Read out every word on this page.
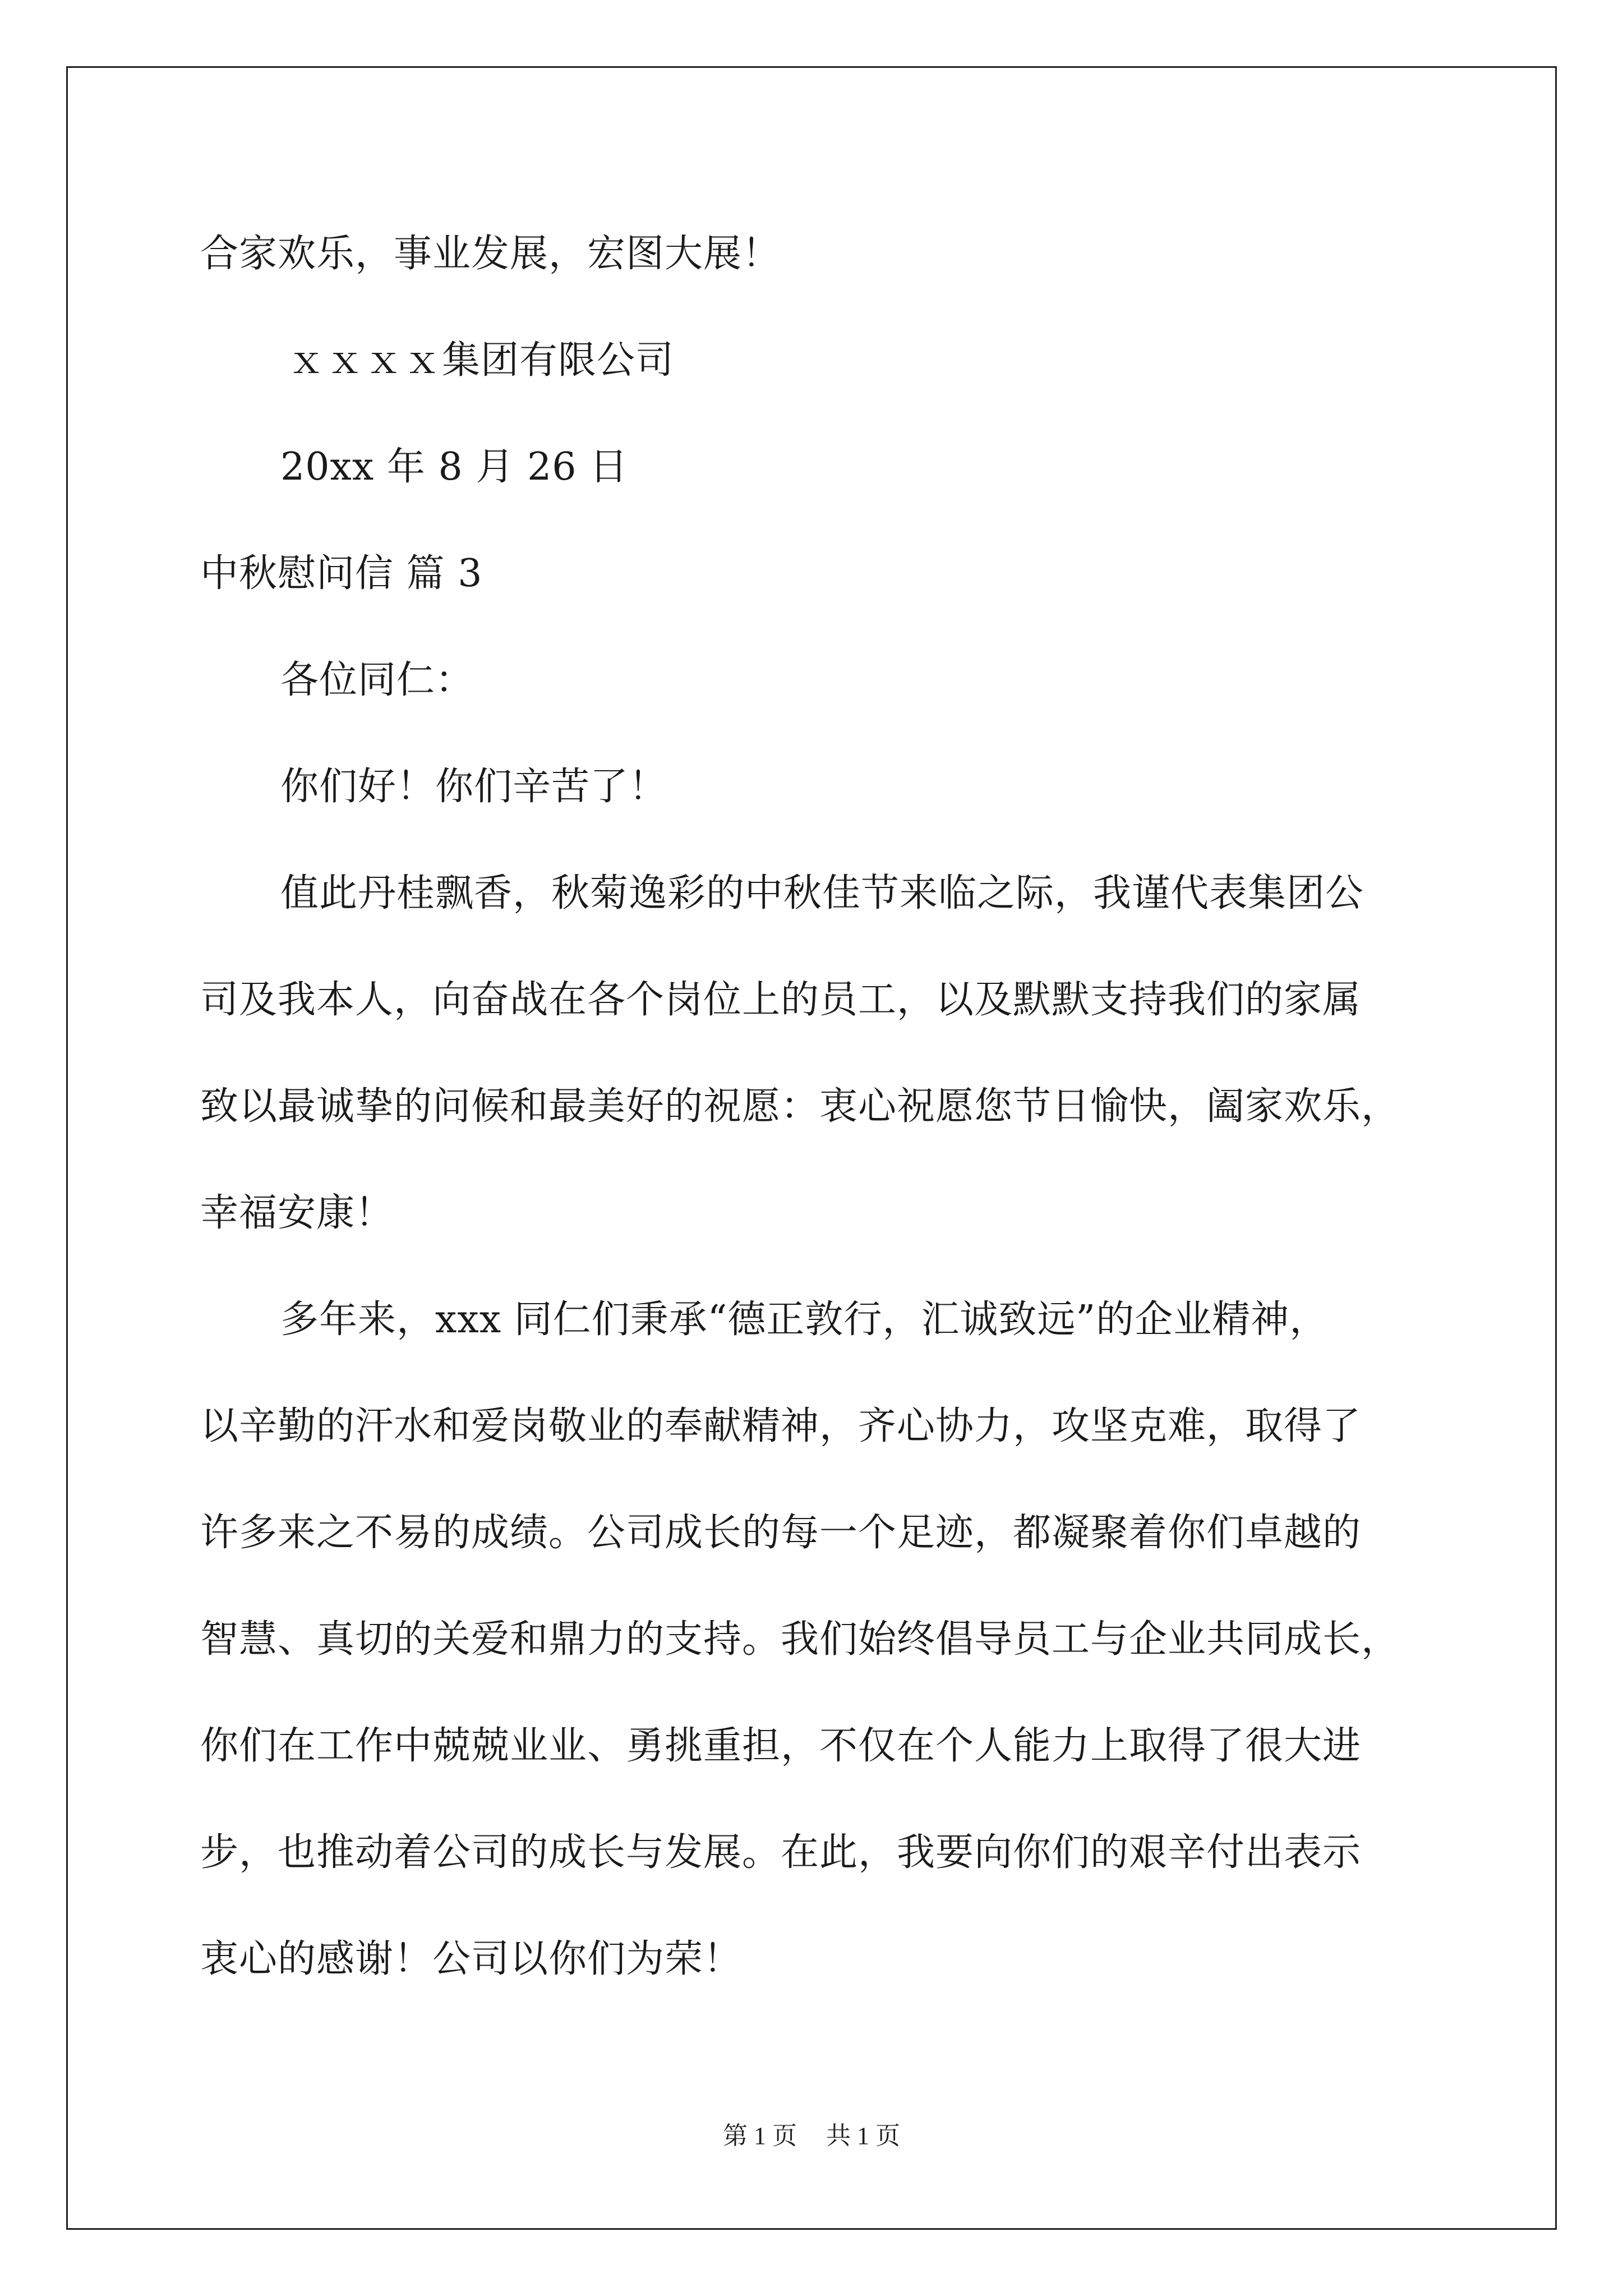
合家欢乐，事业发展，宏图大展！
ｘｘｘｘ集团有限公司
20xx 年 8 月 26 日
中秋慰问信 篇 3
各位同仁：
你们好！你们辛苦了！
值此丹桂飘香，秋菊逸彩的中秋佳节来临之际，我谨代表集团公
司及我本人，向奋战在各个岗位上的员工，以及默默支持我们的家属
致以最诚挚的问候和最美好的祝愿：衷心祝愿您节日愉快，阖家欢乐，
幸福安康！
多年来，xxx 同仁们秉承“德正敦行，汇诚致远”的企业精神，
以辛勤的汗水和爱岗敬业的奉献精神，齐心协力，攻坚克难，取得了
许多来之不易的成绩。公司成长的每一个足迹，都凝聚着你们卓越的
智慧、真切的关爱和鼎力的支持。我们始终倡导员工与企业共同成长，
你们在工作中兢兢业业、勇挑重担，不仅在个人能力上取得了很大进
步，也推动着公司的成长与发展。在此，我要向你们的艰辛付出表示
衷心的感谢！公司以你们为荣！
第 1 页 共 1 页
